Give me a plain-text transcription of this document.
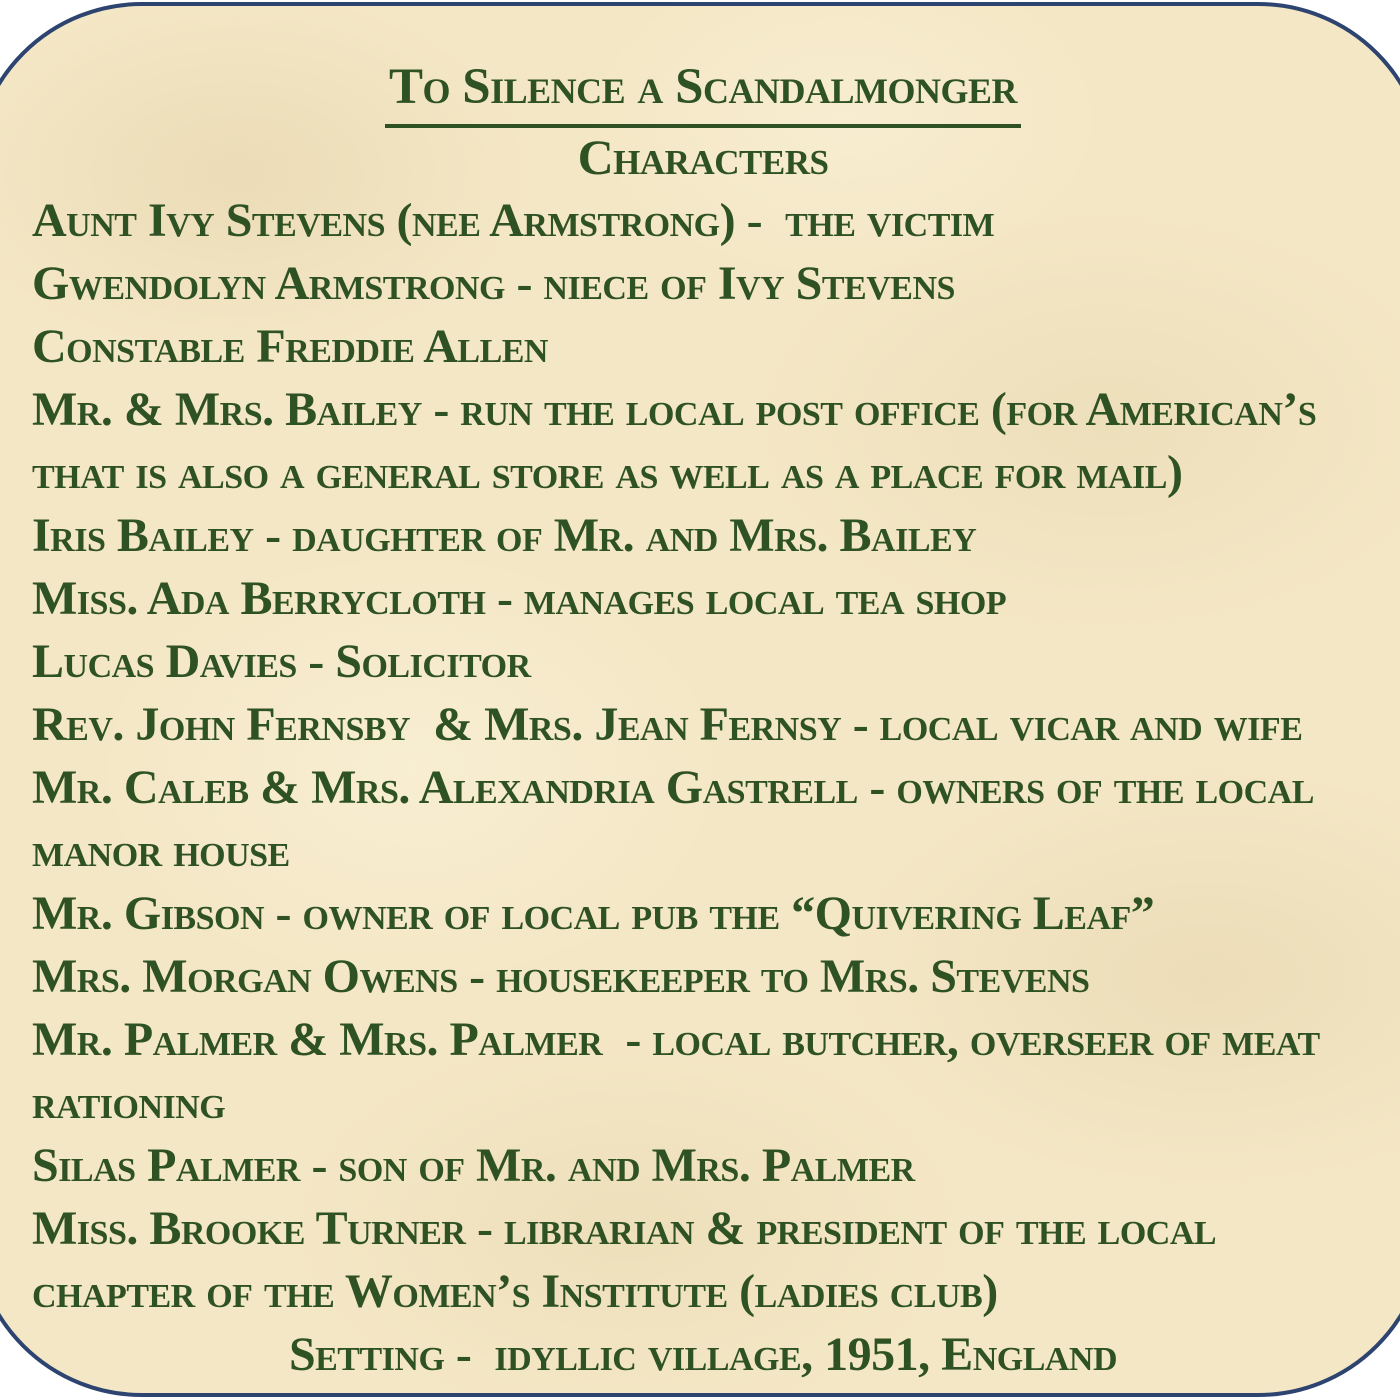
To Silence a Scandalmonger
Characters
Aunt Ivy Stevens (nee Armstrong) -  the victim
Gwendolyn Armstrong - niece of Ivy Stevens
Constable Freddie Allen
Mr. & Mrs. Bailey - run the local post office (for American’s
that is also a general store as well as a place for mail)
Iris Bailey - daughter of Mr. and Mrs. Bailey
Miss. Ada Berrycloth - manages local tea shop
Lucas Davies - Solicitor
Rev. John Fernsby  & Mrs. Jean Fernsy - local vicar and wife
Mr. Caleb & Mrs. Alexandria Gastrell - owners of the local
manor house
Mr. Gibson - owner of local pub the “Quivering Leaf”
Mrs. Morgan Owens - housekeeper to Mrs. Stevens
Mr. Palmer & Mrs. Palmer  - local butcher, overseer of meat
rationing
Silas Palmer - son of Mr. and Mrs. Palmer
Miss. Brooke Turner - librarian & president of the local
chapter of the Women’s Institute (ladies club)
Setting -  idyllic village, 1951, England
